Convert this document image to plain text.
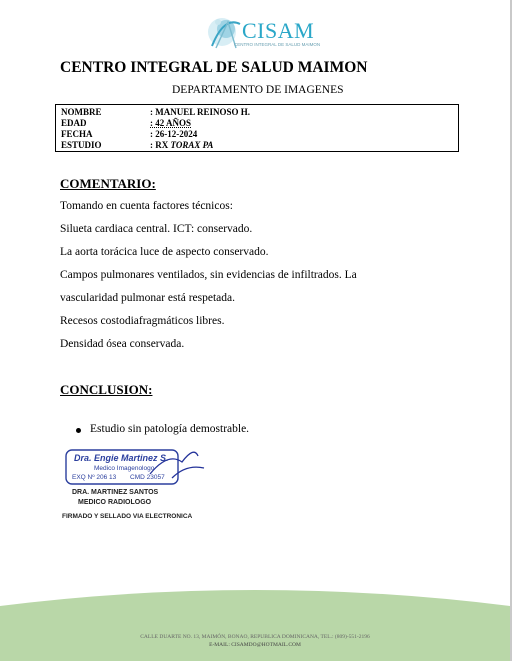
CISAM
CENTRO INTEGRAL DE SALUD MAIMON
CENTRO INTEGRAL DE SALUD MAIMON
DEPARTAMENTO DE IMAGENES
NOMBRE	: MANUEL REINOSO H.
EDAD	: 42 AÑOS
FECHA	: 26-12-2024
ESTUDIO	: RX TORAX PA
COMENTARIO:
Tomando en cuenta factores técnicos:
Silueta cardiaca central. ICT: conservado.
La aorta torácica luce de aspecto conservado.
Campos pulmonares ventilados, sin evidencias de infiltrados. La
vascularidad pulmonar está respetada.
Recesos costodiafragmáticos libres.
Densidad ósea conservada.
CONCLUSION:
Estudio sin patología demostrable.
Dra. Engie Martinez S.
Medico Imagenologo
EXQ Nº 206 13 CMD 23057
DRA. MARTINEZ SANTOS
MEDICO RADIOLOGO
FIRMADO Y SELLADO VIA ELECTRONICA
CALLE DUARTE NO. 13, MAIMÓN, BONAO, REPUBLICA DOMINICANA, TEL.: (809)-551-2196
E-MAIL: CISAMDO@HOTMAIL.COM
